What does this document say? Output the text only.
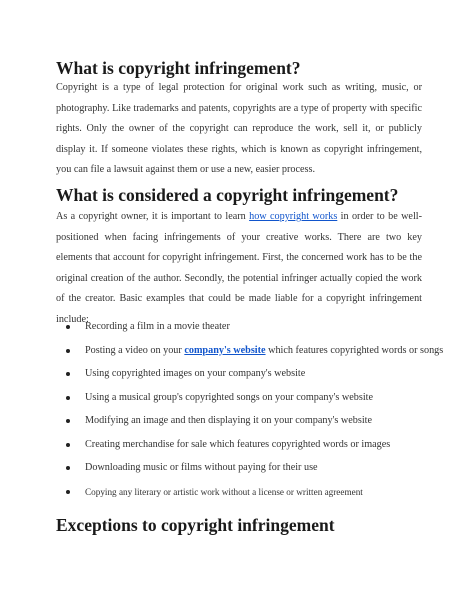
What is copyright infringement?

Copyright is a type of legal protection for original work such as writing, music, or photography. Like trademarks and patents, copyrights are a type of property with specific rights. Only the owner of the copyright can reproduce the work, sell it, or publicly display it. If someone violates these rights, which is known as copyright infringement, you can file a lawsuit against them or use a new, easier process.

What is considered a copyright infringement?

As a copyright owner, it is important to learn how copyright works in order to be well-positioned when facing infringements of your creative works. There are two key elements that account for copyright infringement. First, the concerned work has to be the original creation of the author. Secondly, the potential infringer actually copied the work of the creator. Basic examples that could be made liable for a copyright infringement include:

Recording a film in a movie theater
Posting a video on your company's website which features copyrighted words or songs
Using copyrighted images on your company's website
Using a musical group's copyrighted songs on your company's website
Modifying an image and then displaying it on your company's website
Creating merchandise for sale which features copyrighted words or images
Downloading music or films without paying for their use
Copying any literary or artistic work without a license or written agreement
Exceptions to copyright infringement
